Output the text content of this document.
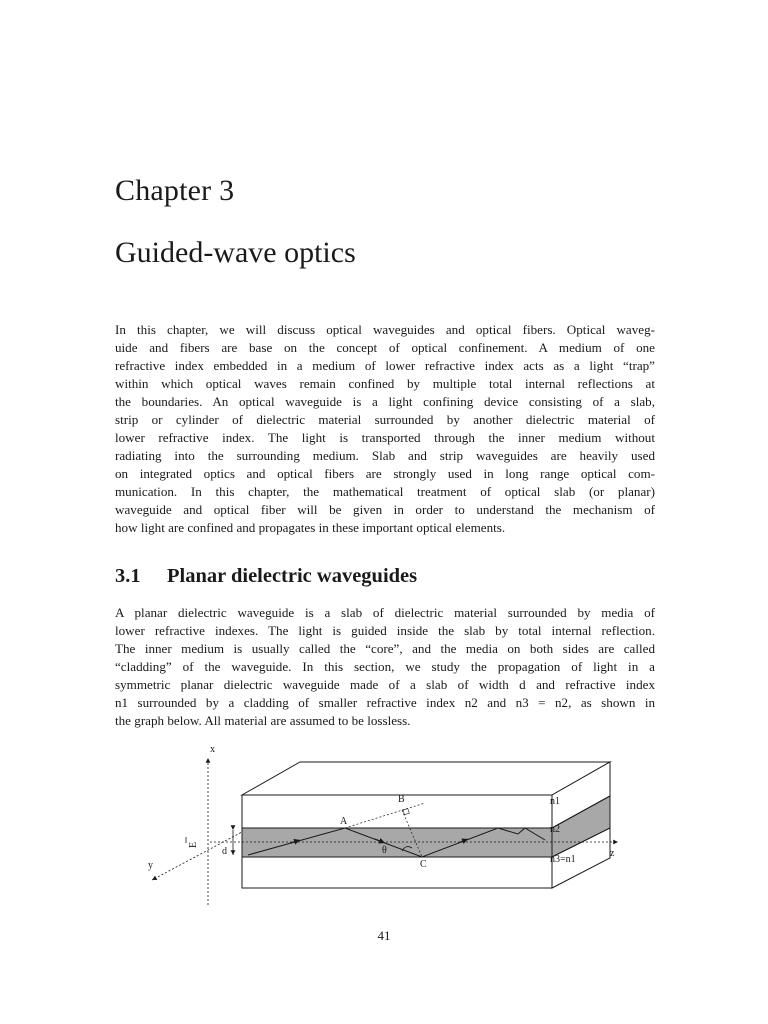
Chapter 3
Guided-wave optics

In this chapter, we will discuss optical waveguides and optical fibers. Optical waveg-
uide and fibers are base on the concept of optical confinement. A medium of one
refractive index embedded in a medium of lower refractive index acts as a light “trap”
within which optical waves remain confined by multiple total internal reflections at
the boundaries. An optical waveguide is a light confining device consisting of a slab,
strip or cylinder of dielectric material surrounded by another dielectric material of
lower refractive index. The light is transported through the inner medium without
radiating into the surrounding medium. Slab and strip waveguides are heavily used
on integrated optics and optical fibers are strongly used in long range optical com-
munication. In this chapter, the mathematical treatment of optical slab (or planar)
waveguide and optical fiber will be given in order to understand the mechanism of
how light are confined and propagates in these important optical elements.

3.1 Planar dielectric waveguides

A planar dielectric waveguide is a slab of dielectric material surrounded by media of
lower refractive indexes. The light is guided inside the slab by total internal reflection.
The inner medium is usually called the “core”, and the media on both sides are called
“cladding” of the waveguide. In this section, we study the propagation of light in a
symmetric planar dielectric waveguide made of a slab of width d and refractive index
n1 surrounded by a cladding of smaller refractive index n2 and n3 = n2, as shown in
the graph below. All material are assumed to be lossless.

x
y
z
d
E
θ
A
B
C
n1
n2
n3=n1
41
